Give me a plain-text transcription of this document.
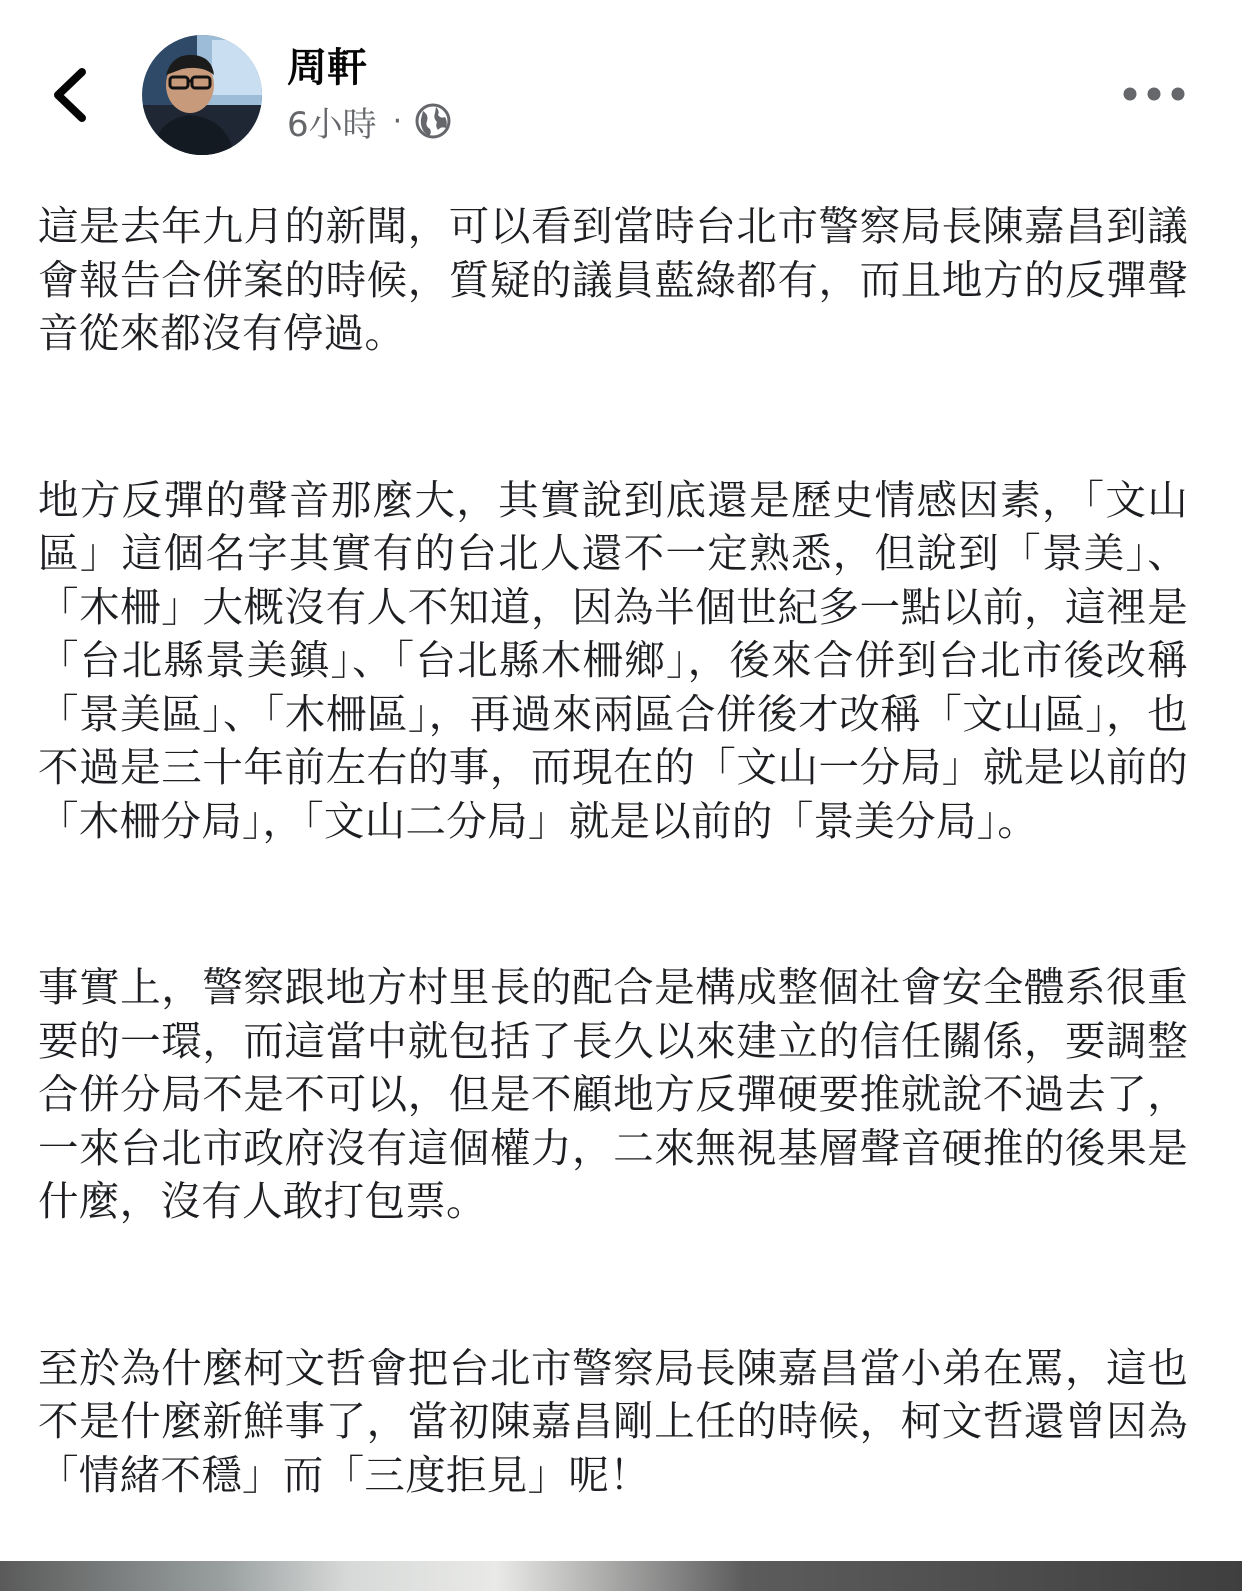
周軒
6小時 ·

這是去年九月的新聞，可以看到當時台北市警察局長陳嘉昌到議會報告合併案的時候，質疑的議員藍綠都有，而且地方的反彈聲音從來都沒有停過。

地方反彈的聲音那麼大，其實說到底還是歷史情感因素，「文山區」這個名字其實有的台北人還不一定熟悉，但說到「景美」、「木柵」大概沒有人不知道，因為半個世紀多一點以前，這裡是「台北縣景美鎮」、「台北縣木柵鄉」，後來合併到台北市後改稱「景美區」、「木柵區」，再過來兩區合併後才改稱「文山區」，也不過是三十年前左右的事，而現在的「文山一分局」就是以前的「木柵分局」，「文山二分局」就是以前的「景美分局」。

事實上，警察跟地方村里長的配合是構成整個社會安全體系很重要的一環，而這當中就包括了長久以來建立的信任關係，要調整合併分局不是不可以，但是不顧地方反彈硬要推就說不過去了，一來台北市政府沒有這個權力，二來無視基層聲音硬推的後果是什麼，沒有人敢打包票。

至於為什麼柯文哲會把台北市警察局長陳嘉昌當小弟在罵，這也不是什麼新鮮事了，當初陳嘉昌剛上任的時候，柯文哲還曾因為「情緒不穩」而「三度拒見」呢！
